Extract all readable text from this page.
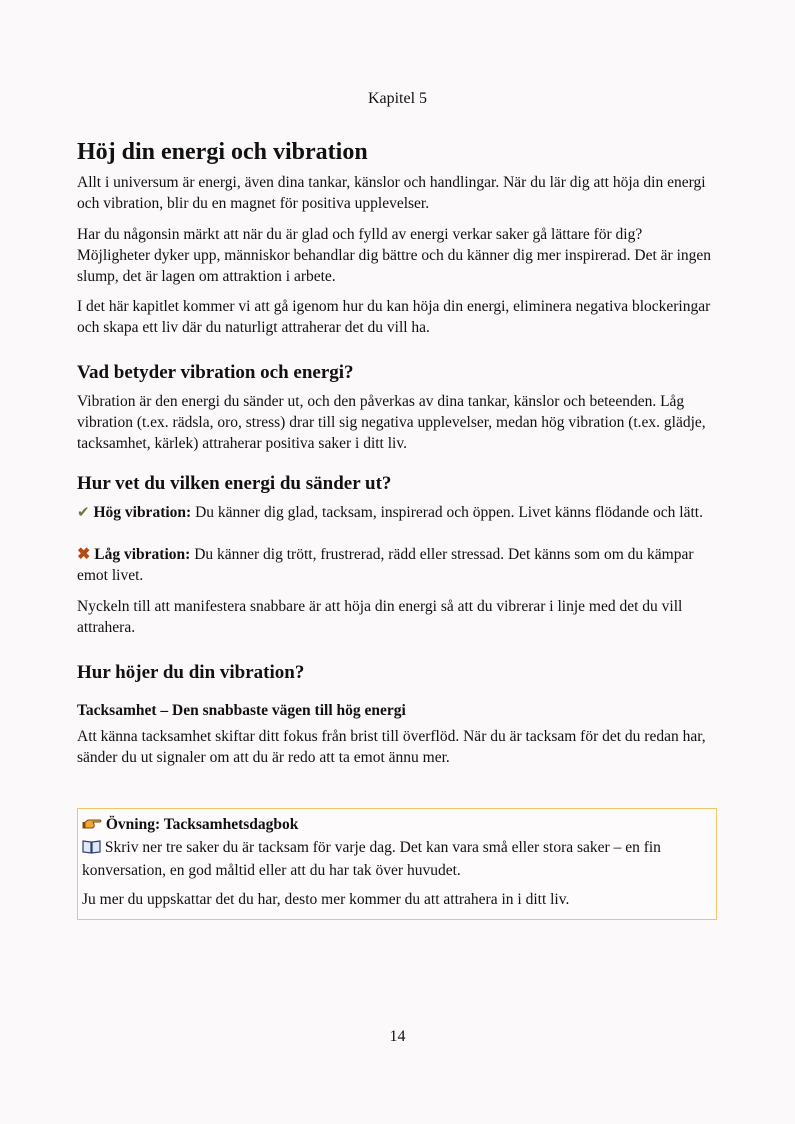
Kapitel 5
Höj din energi och vibration

Allt i universum är energi, även dina tankar, känslor och handlingar. När du lär dig att höja din energi och vibration, blir du en magnet för positiva upplevelser.

Har du någonsin märkt att när du är glad och fylld av energi verkar saker gå lättare för dig? Möjligheter dyker upp, människor behandlar dig bättre och du känner dig mer inspirerad. Det är ingen slump, det är lagen om attraktion i arbete.

I det här kapitlet kommer vi att gå igenom hur du kan höja din energi, eliminera negativa blockeringar och skapa ett liv där du naturligt attraherar det du vill ha.

Vad betyder vibration och energi?

Vibration är den energi du sänder ut, och den påverkas av dina tankar, känslor och beteenden. Låg vibration (t.ex. rädsla, oro, stress) drar till sig negativa upplevelser, medan hög vibration (t.ex. glädje, tacksamhet, kärlek) attraherar positiva saker i ditt liv.

Hur vet du vilken energi du sänder ut?

✔ Hög vibration: Du känner dig glad, tacksam, inspirerad och öppen. Livet känns flödande och lätt.

✖ Låg vibration: Du känner dig trött, frustrerad, rädd eller stressad. Det känns som om du kämpar emot livet.

Nyckeln till att manifestera snabbare är att höja din energi så att du vibrerar i linje med det du vill attrahera.

Hur höjer du din vibration?

Tacksamhet – Den snabbaste vägen till hög energi

Att känna tacksamhet skiftar ditt fokus från brist till överflöd. När du är tacksam för det du redan har, sänder du ut signaler om att du är redo att ta emot ännu mer.

Övning: Tacksamhetsdagbok

Skriv ner tre saker du är tacksam för varje dag. Det kan vara små eller stora saker – en fin konversation, en god måltid eller att du har tak över huvudet.

Ju mer du uppskattar det du har, desto mer kommer du att attrahera in i ditt liv.

14
